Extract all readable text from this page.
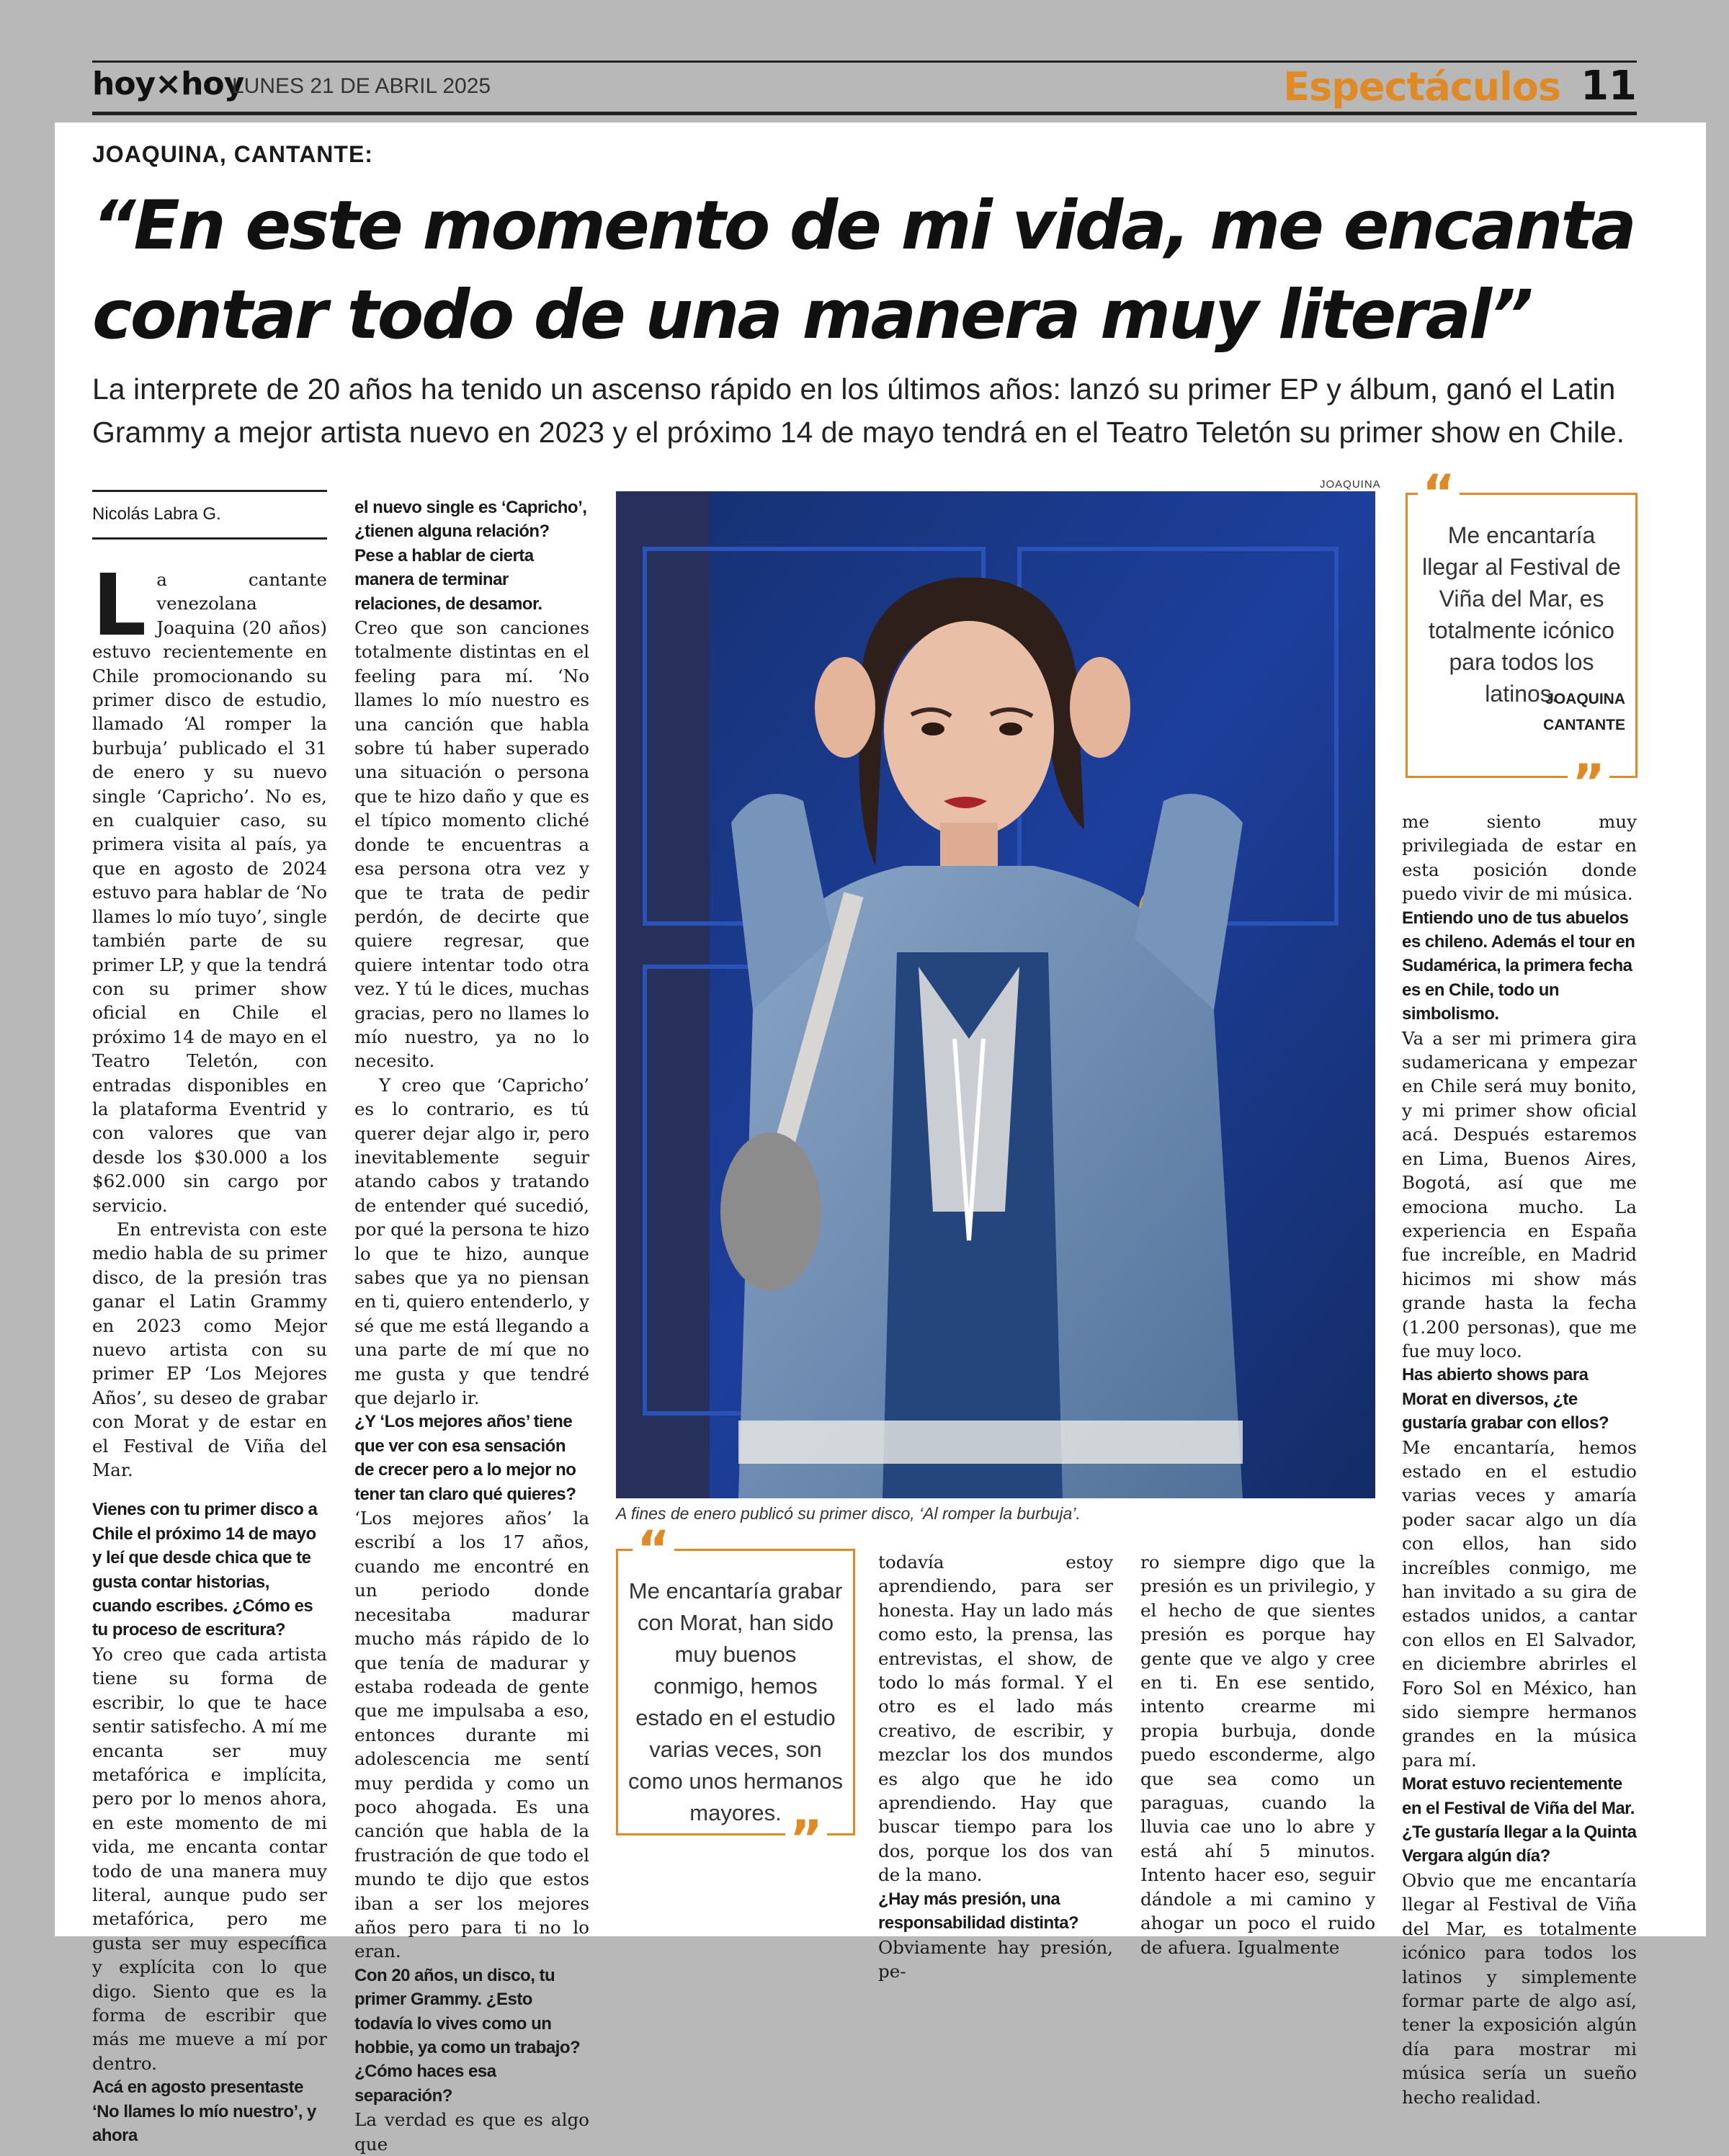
hoy×hoy
LUNES 21 DE ABRIL 2025	Espectáculos 11
JOAQUINA, CANTANTE:
“En este momento de mi vida, me encanta contar todo de una manera muy literal”
La interprete de 20 años ha tenido un ascenso rápido en los últimos años: lanzó su primer EP y álbum, ganó el Latin Grammy a mejor artista nuevo en 2023 y el próximo 14 de mayo tendrá en el Teatro Teletón su primer show en Chile.
Nicolás Labra G.

La cantante venezolana Joaquina (20 años) estuvo recientemente en Chile promocionando su primer disco de estudio, llamado ‘Al romper la burbuja’ publicado el 31 de enero y su nuevo single ‘Capricho’. No es, en cualquier caso, su primera visita al país, ya que en agosto de 2024 estuvo para hablar de ‘No llames lo mío tuyo’, single también parte de su primer LP, y que la tendrá con su primer show oficial en Chile el próximo 14 de mayo en el Teatro Teletón, con entradas disponibles en la plataforma Eventrid y con valores que van desde los $30.000 a los $62.000 sin cargo por servicio.

En entrevista con este medio habla de su primer disco, de la presión tras ganar el Latin Grammy en 2023 como Mejor nuevo artista con su primer EP ‘Los Mejores Años’, su deseo de grabar con Morat y de estar en el Festival de Viña del Mar.

Vienes con tu primer disco a Chile el próximo 14 de mayo y leí que desde chica que te gusta contar historias, cuando escribes. ¿Cómo es tu proceso de escritura?

Yo creo que cada artista tiene su forma de escribir, lo que te hace sentir satisfecho. A mí me encanta ser muy metafórica e implícita, pero por lo menos ahora, en este momento de mi vida, me encanta contar todo de una manera muy literal, aunque pudo ser metafórica, pero me gusta ser muy específica y explícita con lo que digo. Siento que es la forma de escribir que más me mueve a mí por dentro.

Acá en agosto presentaste ‘No llames lo mío nuestro’, y ahora
el nuevo single es ‘Capricho’, ¿tienen alguna relación? Pese a hablar de cierta manera de terminar relaciones, de desamor.

Creo que son canciones totalmente distintas en el feeling para mí. ‘No llames lo mío nuestro es una canción que habla sobre tú haber superado una situación o persona que te hizo daño y que es el típico momento cliché donde te encuentras a esa persona otra vez y que te trata de pedir perdón, de decirte que quiere regresar, que quiere intentar todo otra vez. Y tú le dices, muchas gracias, pero no llames lo mío nuestro, ya no lo necesito.

Y creo que ‘Capricho’ es lo contrario, es tú querer dejar algo ir, pero inevitablemente seguir atando cabos y tratando de entender qué sucedió, por qué la persona te hizo lo que te hizo, aunque sabes que ya no piensan en ti, quiero entenderlo, y sé que me está llegando a una parte de mí que no me gusta y que tendré que dejarlo ir.

¿Y ‘Los mejores años’ tiene que ver con esa sensación de crecer pero a lo mejor no tener tan claro qué quieres?

‘Los mejores años’ la escribí a los 17 años, cuando me encontré en un periodo donde necesitaba madurar mucho más rápido de lo que tenía de madurar y estaba rodeada de gente que me impulsaba a eso, entonces durante mi adolescencia me sentí muy perdida y como un poco ahogada. Es una canción que habla de la frustración de que todo el mundo te dijo que estos iban a ser los mejores años pero para ti no lo eran.

Con 20 años, un disco, tu primer Grammy. ¿Esto todavía lo vives como un hobbie, ya como un trabajo? ¿Cómo haces esa separación?

La verdad es que es algo que

JOAQUINA
A fines de enero publicó su primer disco, ‘Al romper la burbuja’.
Me encantaría llegar al Festival de Viña del Mar, es totalmente icónico para todos los latinos.
JOAQUINA
CANTANTE
“
”
Me encantaría grabar con Morat, han sido muy buenos conmigo, hemos estado en el estudio varias veces, son como unos hermanos mayores.
“
”

todavía estoy aprendiendo, para ser honesta. Hay un lado más como esto, la prensa, las entrevistas, el show, de todo lo más formal. Y el otro es el lado más creativo, de escribir, y mezclar los dos mundos es algo que he ido aprendiendo. Hay que buscar tiempo para los dos, porque los dos van de la mano.

¿Hay más presión, una responsabilidad distinta?

Obviamente hay presión, pe-

ro siempre digo que la presión es un privilegio, y el hecho de que sientes presión es porque hay gente que ve algo y cree en ti. En ese sentido, intento crearme mi propia burbuja, donde puedo esconderme, algo que sea como un paraguas, cuando la lluvia cae uno lo abre y está ahí 5 minutos. Intento hacer eso, seguir dándole a mi camino y ahogar un poco el ruido de afuera. Igualmente

me siento muy privilegiada de estar en esta posición donde puedo vivir de mi música.

Entiendo uno de tus abuelos es chileno. Además el tour en Sudamérica, la primera fecha es en Chile, todo un simbolismo.

Va a ser mi primera gira sudamericana y empezar en Chile será muy bonito, y mi primer show oficial acá. Después estaremos en Lima, Buenos Aires, Bogotá, así que me emociona mucho. La experiencia en España fue increíble, en Madrid hicimos mi show más grande hasta la fecha (1.200 personas), que me fue muy loco.

Has abierto shows para Morat en diversos, ¿te gustaría grabar con ellos?

Me encantaría, hemos estado en el estudio varias veces y amaría poder sacar algo un día con ellos, han sido increíbles conmigo, me han invitado a su gira de estados unidos, a cantar con ellos en El Salvador, en diciembre abrirles el Foro Sol en México, han sido siempre hermanos grandes en la música para mí.

Morat estuvo recientemente en el Festival de Viña del Mar. ¿Te gustaría llegar a la Quinta Vergara algún día?

Obvio que me encantaría llegar al Festival de Viña del Mar, es totalmente icónico para todos los latinos y simplemente formar parte de algo así, tener la exposición algún día para mostrar mi música sería un sueño hecho realidad.
